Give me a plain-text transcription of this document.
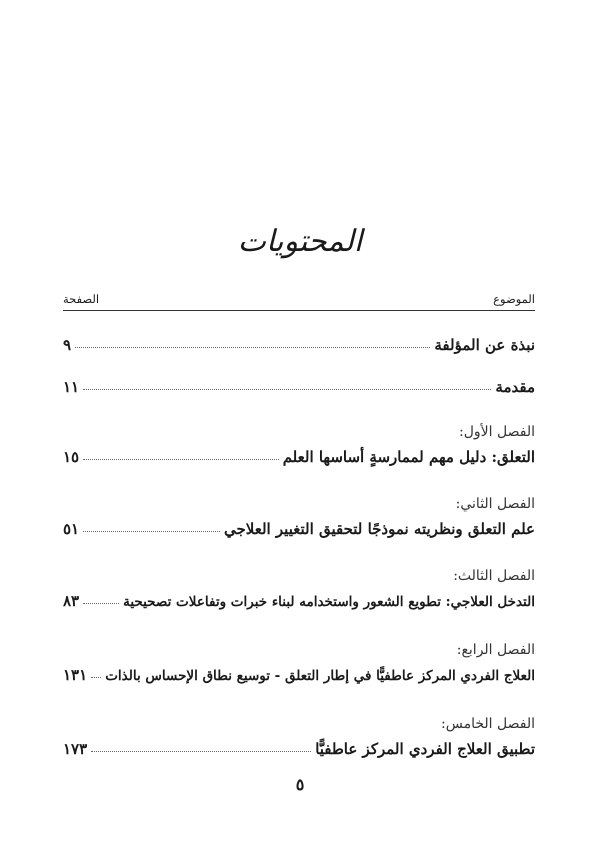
المحتويات
الموضوع
الصفحة
نبذة عن المؤلفة
٩
مقدمة
١١
الفصل الأول:
التعلق: دليل مهم لممارسةٍ أساسها العلم
١٥
الفصل الثاني:
علم التعلق ونظريته نموذجًا لتحقيق التغيير العلاجي
٥١
الفصل الثالث:
التدخل العلاجي: تطويع الشعور واستخدامه لبناء خبرات وتفاعلات تصحيحية
٨٣
الفصل الرابع:
العلاج الفردي المركز عاطفيًّا في إطار التعلق - توسيع نطاق الإحساس بالذات
١٣١
الفصل الخامس:
تطبيق العلاج الفردي المركز عاطفيًّا
١٧٣
٥
